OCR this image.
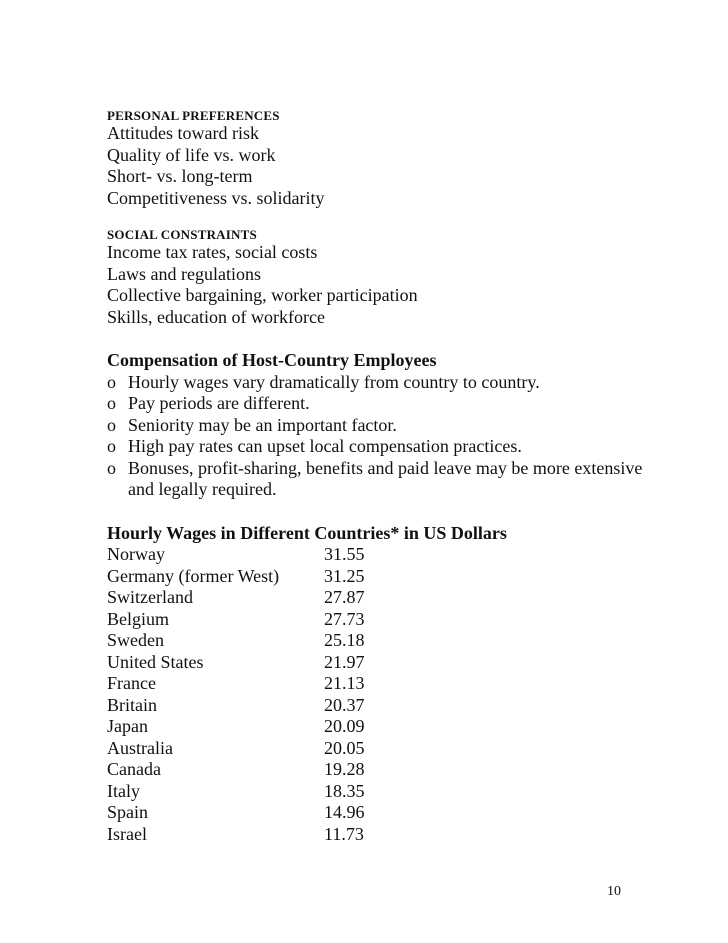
PERSONAL PREFERENCES

Attitudes toward risk

Quality of life vs. work

Short- vs. long-term

Competitiveness vs. solidarity

SOCIAL CONSTRAINTS

Income tax rates, social costs

Laws and regulations

Collective bargaining, worker participation

Skills, education of workforce

Compensation of Host-Country Employees

o Hourly wages vary dramatically from country to country.
o Pay periods are different.
o Seniority may be an important factor.
o High pay rates can upset local compensation practices.
o Bonuses, profit-sharing, benefits and paid leave may be more extensive and legally required.

Hourly Wages in Different Countries* in US Dollars

Norway	31.55
Germany (former West)	31.25
Switzerland	27.87
Belgium	27.73
Sweden	25.18
United States	21.97
France	21.13
Britain	20.37
Japan	20.09
Australia	20.05
Canada	19.28
Italy	18.35
Spain	14.96
Israel	11.73
10
